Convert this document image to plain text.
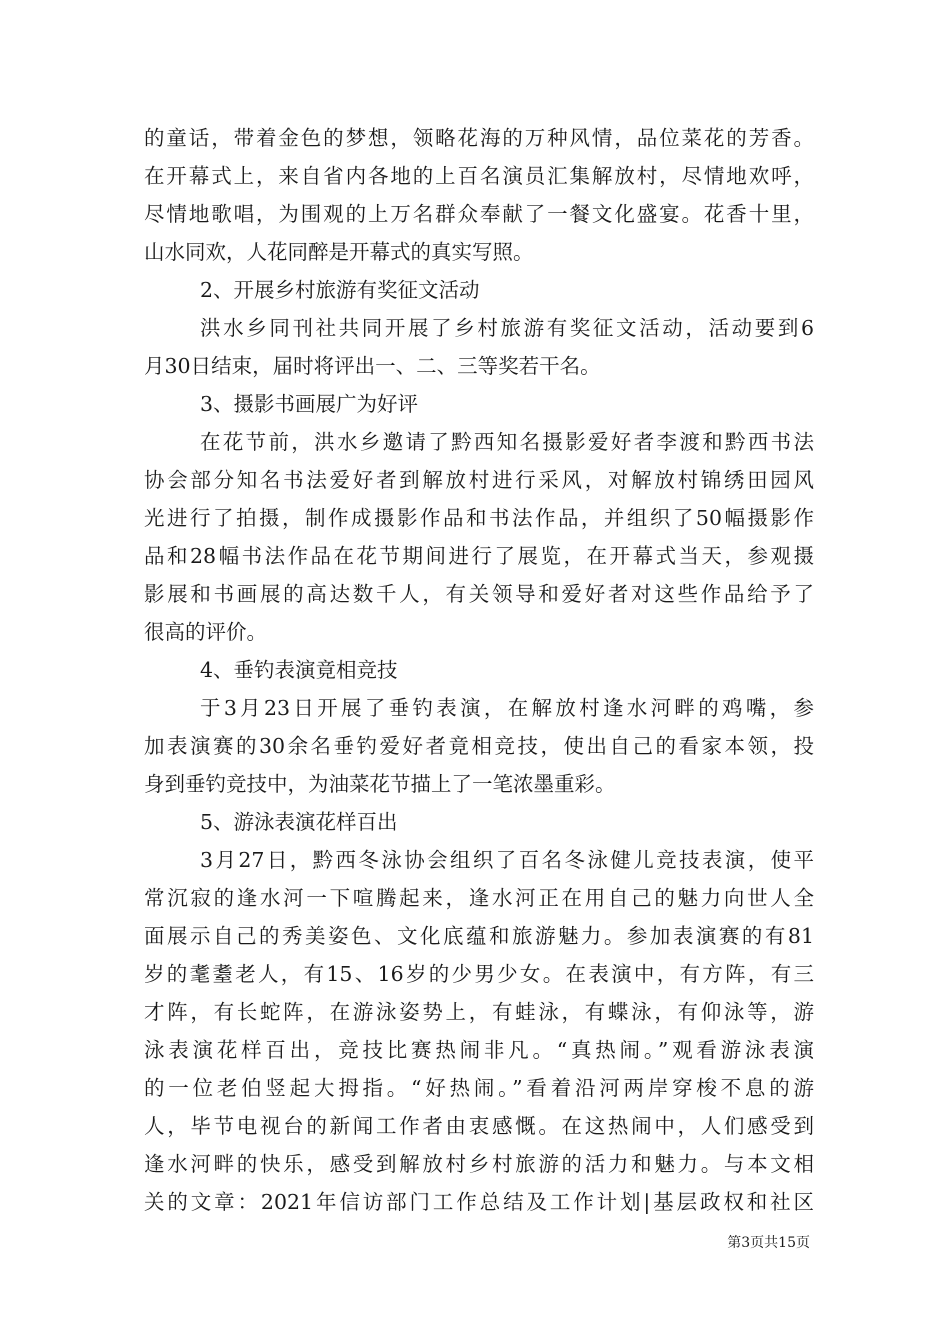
的童话，带着金色的梦想，领略花海的万种风情，品位菜花的芳香。
在开幕式上，来自省内各地的上百名演员汇集解放村，尽情地欢呼，
尽情地歌唱，为围观的上万名群众奉献了一餐文化盛宴。花香十里，
山水同欢，人花同醉是开幕式的真实写照。
2、开展乡村旅游有奖征文活动
洪水乡同刊社共同开展了乡村旅游有奖征文活动，活动要到6
月30日结束，届时将评出一、二、三等奖若干名。
3、摄影书画展广为好评
在花节前，洪水乡邀请了黔西知名摄影爱好者李渡和黔西书法
协会部分知名书法爱好者到解放村进行采风，对解放村锦绣田园风
光进行了拍摄，制作成摄影作品和书法作品，并组织了50幅摄影作
品和28幅书法作品在花节期间进行了展览，在开幕式当天，参观摄
影展和书画展的高达数千人，有关领导和爱好者对这些作品给予了
很高的评价。
4、垂钓表演竟相竞技
于3月23日开展了垂钓表演，在解放村逢水河畔的鸡嘴，参
加表演赛的30余名垂钓爱好者竟相竞技，使出自己的看家本领，投
身到垂钓竞技中，为油菜花节描上了一笔浓墨重彩。
5、游泳表演花样百出
3月27日，黔西冬泳协会组织了百名冬泳健儿竞技表演，使平
常沉寂的逢水河一下喧腾起来，逢水河正在用自己的魅力向世人全
面展示自己的秀美姿色、文化底蕴和旅游魅力。参加表演赛的有81
岁的耄耋老人，有15、16岁的少男少女。在表演中，有方阵，有三
才阵，有长蛇阵，在游泳姿势上，有蛙泳，有蝶泳，有仰泳等，游
泳表演花样百出，竞技比赛热闹非凡。“真热闹。”观看游泳表演
的一位老伯竖起大拇指。“好热闹。”看着沿河两岸穿梭不息的游
人，毕节电视台的新闻工作者由衷感慨。在这热闹中，人们感受到
逢水河畔的快乐，感受到解放村乡村旅游的活力和魅力。与本文相
关的文章：2021年信访部门工作总结及工作计划|基层政权和社区
第3页共15页
